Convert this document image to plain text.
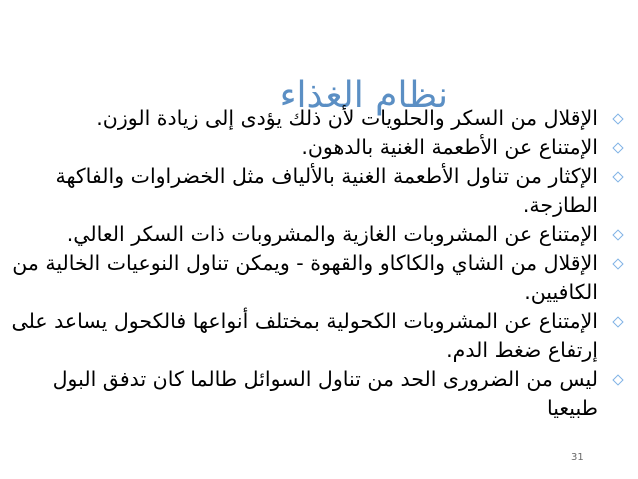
نظام الغذاء
الإقلال من السكر والحلويات لأن ذلك يؤدى إلى زيادة الوزن.
الإمتناع عن الأطعمة الغنية بالدهون.
الإكثار من تناول الأطعمة الغنية بالألياف مثل الخضراوات والفاكهة الطازجة.
الإمتناع عن المشروبات الغازية والمشروبات ذات السكر العالي.
الإقلال من الشاي والكاكاو والقهوة - ويمكن تناول النوعيات الخالية من الكافيين.
الإمتناع عن المشروبات الكحولية بمختلف أنواعها فالكحول يساعد على إرتفاع ضغط الدم.
ليس من الضرورى الحد من تناول السوائل طالما كان تدفق البول طبيعيا
31
